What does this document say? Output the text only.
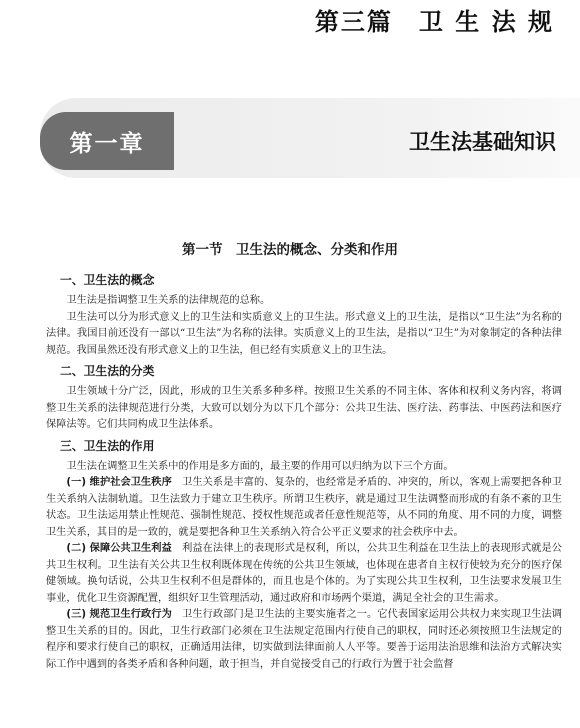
第三篇　卫 生 法 规
第一章	卫生法基础知识
第一节　卫生法的概念、分类和作用
一、卫生法的概念

卫生法是指调整卫生关系的法律规范的总称。

卫生法可以分为形式意义上的卫生法和实质意义上的卫生法。形式意义上的卫生法，是指以“卫生法”为名称的法律。我国目前还没有一部以“卫生法”为名称的法律。实质意义上的卫生法，是指以“卫生”为对象制定的各种法律规范。我国虽然还没有形式意义上的卫生法，但已经有实质意义上的卫生法。

二、卫生法的分类

卫生领域十分广泛，因此，形成的卫生关系多种多样。按照卫生关系的不同主体、客体和权利义务内容，将调整卫生关系的法律规范进行分类，大致可以划分为以下几个部分：公共卫生法、医疗法、药事法、中医药法和医疗保障法等。它们共同构成卫生法体系。

三、卫生法的作用

卫生法在调整卫生关系中的作用是多方面的，最主要的作用可以归纳为以下三个方面。

(一) 维护社会卫生秩序　卫生关系是丰富的、复杂的，也经常是矛盾的、冲突的，所以，客观上需要把各种卫生关系纳入法制轨道。卫生法致力于建立卫生秩序。所谓卫生秩序，就是通过卫生法调整而形成的有条不紊的卫生状态。卫生法运用禁止性规范、强制性规范、授权性规范或者任意性规范等，从不同的角度、用不同的力度，调整卫生关系，其目的是一致的，就是要把各种卫生关系纳入符合公平正义要求的社会秩序中去。

(二) 保障公共卫生利益　利益在法律上的表现形式是权利，所以，公共卫生利益在卫生法上的表现形式就是公共卫生权利。卫生法有关公共卫生权利既体现在传统的公共卫生领域，也体现在患者自主权行使较为充分的医疗保健领域。换句话说，公共卫生权利不但是群体的，而且也是个体的。为了实现公共卫生权利，卫生法要求发展卫生事业，优化卫生资源配置，组织好卫生管理活动，通过政府和市场两个渠道，满足全社会的卫生需求。

(三) 规范卫生行政行为　卫生行政部门是卫生法的主要实施者之一。它代表国家运用公共权力来实现卫生法调整卫生关系的目的。因此，卫生行政部门必须在卫生法规定范围内行使自己的职权，同时还必须按照卫生法规定的程序和要求行使自己的职权，正确适用法律，切实做到法律面前人人平等。要善于运用法治思维和法治方式解决实际工作中遇到的各类矛盾和各种问题，敢于担当，并自觉接受自己的行政行为置于社会监督
